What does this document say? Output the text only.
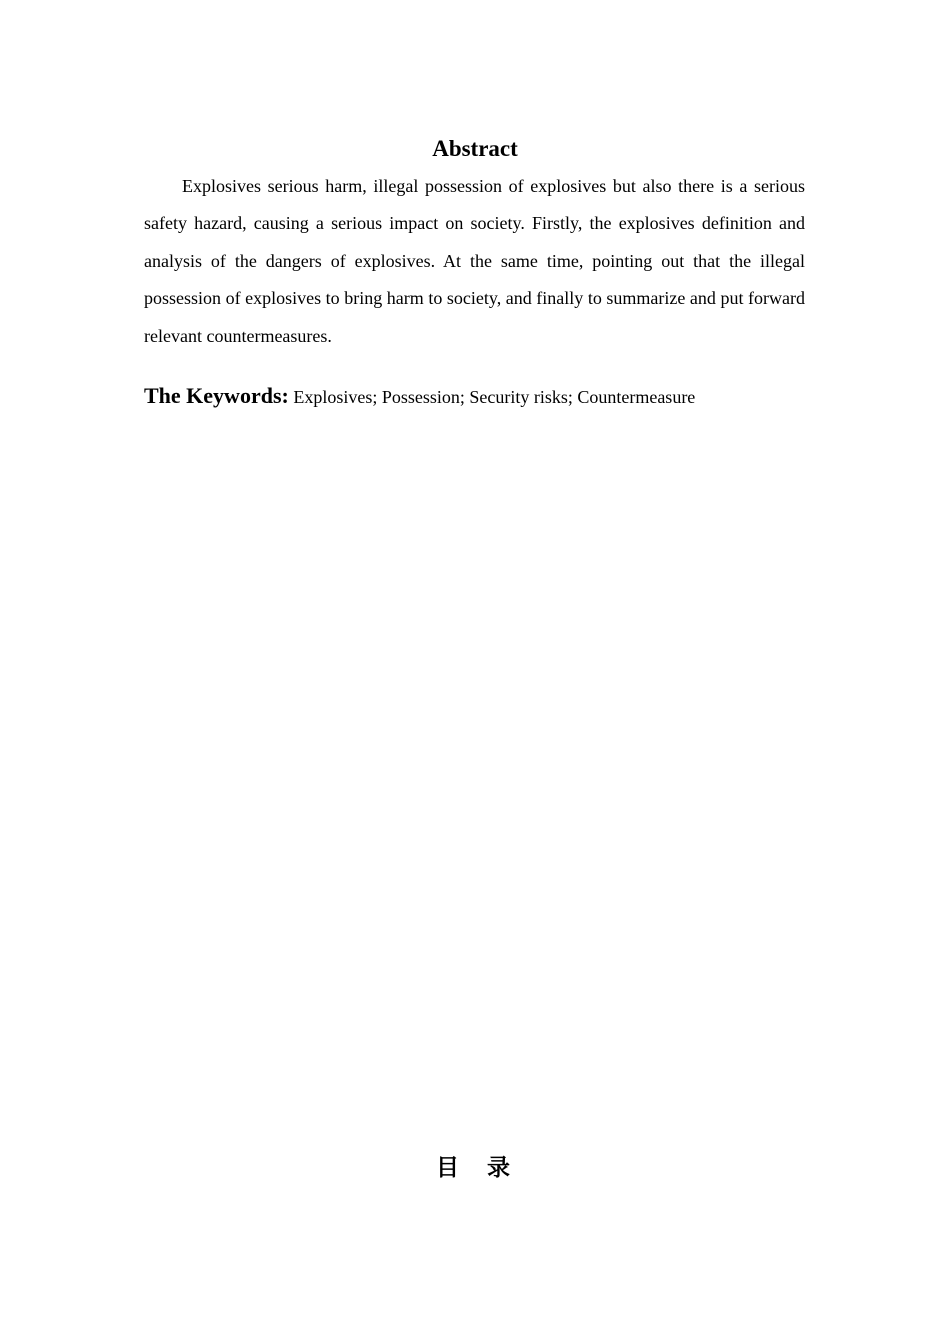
Abstract

Explosives serious harm, illegal possession of explosives but also there is a serious safety hazard, causing a serious impact on society. Firstly, the explosives definition and analysis of the dangers of explosives. At the same time, pointing out that the illegal possession of explosives to bring harm to society, and finally to summarize and put forward relevant countermeasures.

The Keywords: Explosives; Possession; Security risks; Countermeasure
目 录
